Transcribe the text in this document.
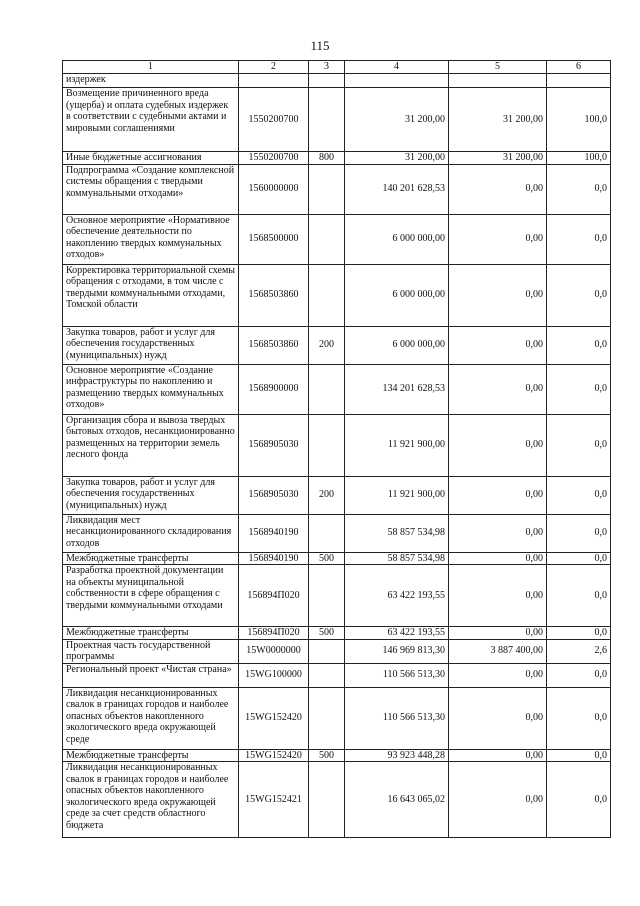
115
1	2	3	4	5	6
издержек					
Возмещение причиненного вреда (ущерба) и оплата судебных издержек в соответствии с судебными актами и мировыми соглашениями	1550200700		31 200,00	31 200,00	100,0
Иные бюджетные ассигнования	1550200700	800	31 200,00	31 200,00	100,0
Подпрограмма «Создание комплексной системы обращения с твердыми коммунальными отходами»	1560000000		140 201 628,53	0,00	0,0
Основное мероприятие «Нормативное обеспечение деятельности по накоплению твердых коммунальных отходов»	1568500000		6 000 000,00	0,00	0,0
Корректировка территориальной схемы обращения с отходами, в том числе с твердыми коммунальными отходами, Томской области	1568503860		6 000 000,00	0,00	0,0
Закупка товаров, работ и услуг для обеспечения государственных (муниципальных) нужд	1568503860	200	6 000 000,00	0,00	0,0
Основное мероприятие «Создание инфраструктуры по накоплению и размещению твердых коммунальных отходов»	1568900000		134 201 628,53	0,00	0,0
Организация сбора и вывоза твердых бытовых отходов, несанкционированно размещенных на территории земель лесного фонда	1568905030		11 921 900,00	0,00	0,0
Закупка товаров, работ и услуг для обеспечения государственных (муниципальных) нужд	1568905030	200	11 921 900,00	0,00	0,0
Ликвидация мест несанкционированного складирования отходов	1568940190		58 857 534,98	0,00	0,0
Межбюджетные трансферты	1568940190	500	58 857 534,98	0,00	0,0
Разработка проектной документации на объекты муниципальной собственности в сфере обращения с твердыми коммунальными отходами	156894П020		63 422 193,55	0,00	0,0
Межбюджетные трансферты	156894П020	500	63 422 193,55	0,00	0,0
Проектная часть государственной программы	15W0000000		146 969 813,30	3 887 400,00	2,6
Региональный проект «Чистая страна»	15WG100000		110 566 513,30	0,00	0,0
Ликвидация несанкционированных свалок в границах городов и наиболее опасных объектов накопленного экологического вреда окружающей среде	15WG152420		110 566 513,30	0,00	0,0
Межбюджетные трансферты	15WG152420	500	93 923 448,28	0,00	0,0
Ликвидация несанкционированных свалок в границах городов и наиболее опасных объектов накопленного экологического вреда окружающей среде за счет средств областного бюджета	15WG152421		16 643 065,02	0,00	0,0
